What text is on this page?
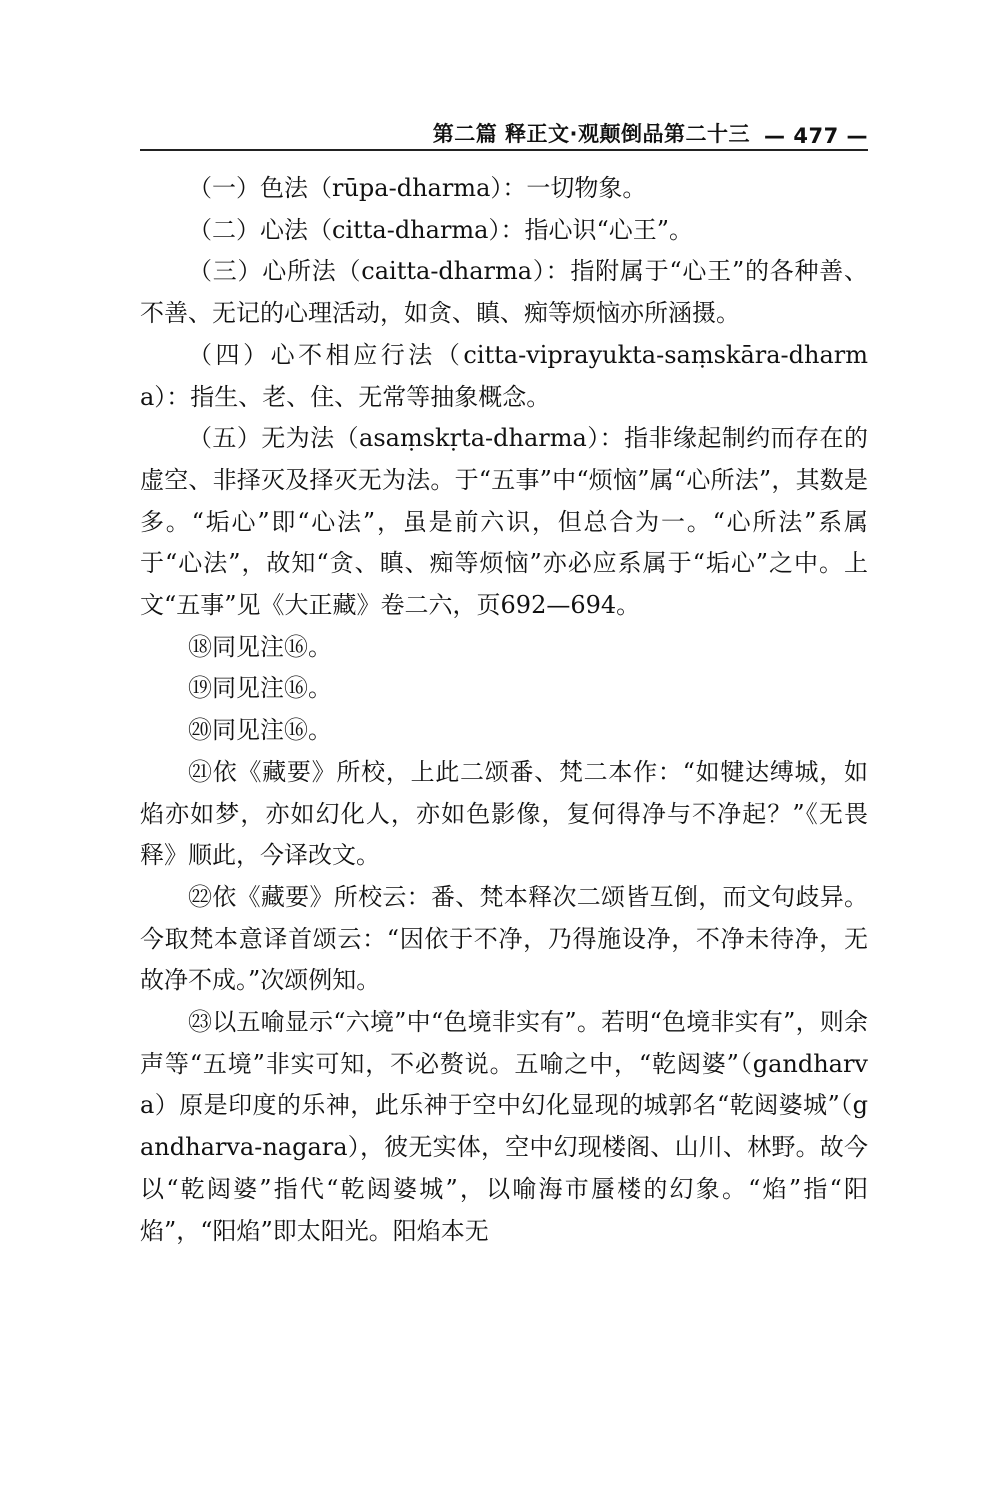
第二篇 释正文·观颠倒品第二十三 — 477 —

（一）色法（rūpa-dharma）：一切物象。

（二）心法（citta-dharma）：指心识“心王”。

（三）心所法（caitta-dharma）：指附属于“心王”的各种善、不善、无记的心理活动，如贪、瞋、痴等烦恼亦所涵摄。

（四）心不相应行法（citta-viprayukta-saṃskāra-dharma）：指生、老、住、无常等抽象概念。

（五）无为法（asaṃskṛta-dharma）：指非缘起制约而存在的虚空、非择灭及择灭无为法。于“五事”中“烦恼”属“心所法”，其数是多。“垢心”即“心法”，虽是前六识，但总合为一。“心所法”系属于“心法”，故知“贪、瞋、痴等烦恼”亦必应系属于“垢心”之中。上文“五事”见《大正藏》卷二六，页692—694。

⑱同见注⑯。

⑲同见注⑯。

⑳同见注⑯。

㉑依《藏要》所校，上此二颂番、梵二本作：“如犍达缚城，如焰亦如梦，亦如幻化人，亦如色影像，复何得净与不净起？”《无畏释》顺此，今译改文。

㉒依《藏要》所校云：番、梵本释次二颂皆互倒，而文句歧异。今取梵本意译首颂云：“因依于不净，乃得施设净，不净未待净，无故净不成。”次颂例知。

㉓以五喻显示“六境”中“色境非实有”。若明“色境非实有”，则余声等“五境”非实可知，不必赘说。五喻之中，“乾闼婆”（gandharva）原是印度的乐神，此乐神于空中幻化显现的城郭名“乾闼婆城”（gandharva-nagara），彼无实体，空中幻现楼阁、山川、林野。故今以“乾闼婆”指代“乾闼婆城”，以喻海市蜃楼的幻象。“焰”指“阳焰”，“阳焰”即太阳光。阳焰本无
